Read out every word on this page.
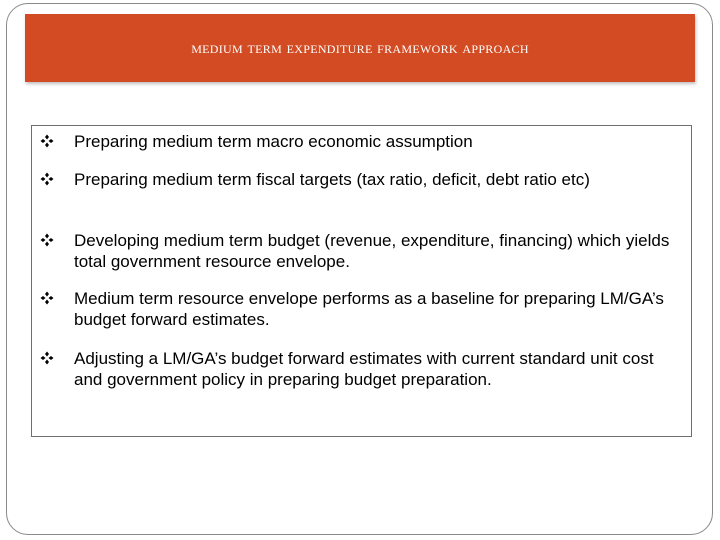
medium term expenditure framework approach

Preparing medium term macro economic assumption

Preparing medium term fiscal targets (tax ratio, deficit, debt ratio etc)

Developing medium term budget (revenue, expenditure, financing) which yields total government resource envelope.

Medium term resource envelope performs as a baseline for preparing LM/GA’s budget forward estimates.

Adjusting a LM/GA’s budget forward estimates with current standard unit cost and government policy in preparing budget preparation.
